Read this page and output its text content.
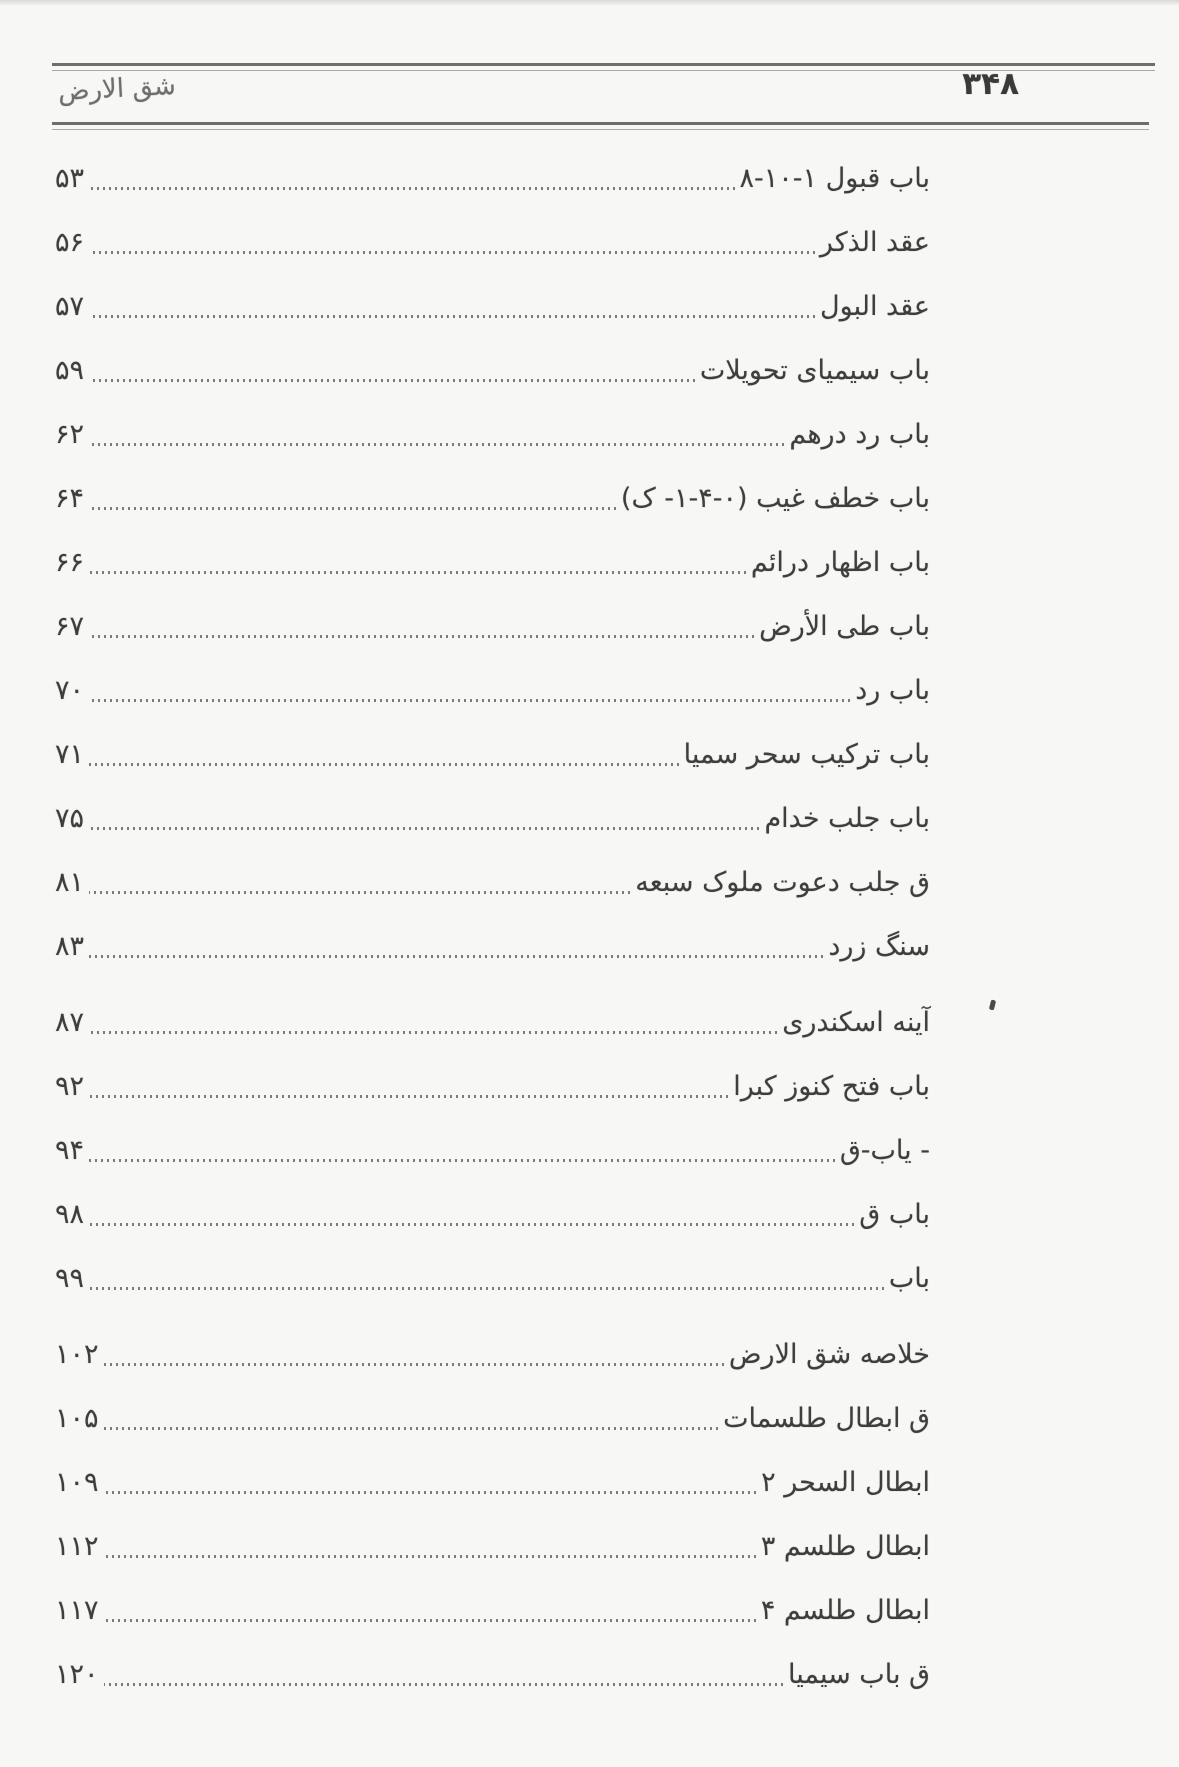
۳۴۸
شق الارض
باب قبول ۱-۱۰-۸
۵۳
عقد الذكر
۵۶
عقد البول
۵۷
باب سیمیای تحویلات
۵۹
باب رد درهم
۶۲
باب خطف غیب (۰-۴-۱- ک)
۶۴
باب اظهار درائم
۶۶
باب طی الأرض
۶۷
باب رد
۷۰
باب ترکیب سحر سمیا
۷۱
باب جلب خدام
۷۵
ق جلب دعوت ملوک سبعه
۸۱
سنگ زرد
۸۳
آینه اسکندری
۸۷
باب فتح کنوز کبرا
۹۲
- یاب-ق
۹۴
باب ق
۹۸
باب
۹۹
خلاصه شق الارض
۱۰۲
ق ابطال طلسمات
۱۰۵
ابطال السحر ۲
۱۰۹
ابطال طلسم ۳
۱۱۲
ابطال طلسم ۴
۱۱۷
ق باب سیمیا
۱۲۰
